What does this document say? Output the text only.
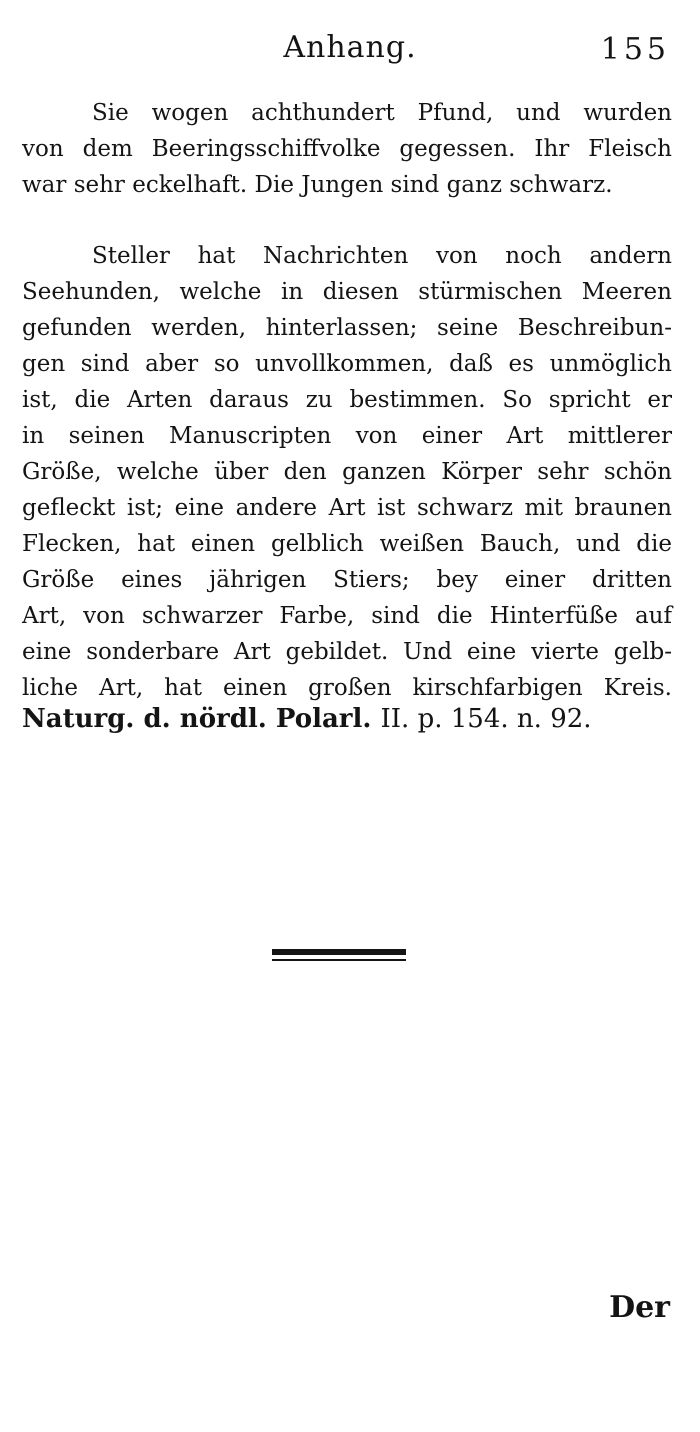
Anhang.	155
Sie wogen achthundert Pfund, und wurden
von dem Beeringsschiffvolke gegessen. Ihr Fleisch
war sehr eckelhaft. Die Jungen sind ganz schwarz.
Steller hat Nachrichten von noch andern
Seehunden, welche in diesen stürmischen Meeren
gefunden werden, hinterlassen; seine Beschreibun-
gen sind aber so unvollkommen, daß es unmöglich
ist, die Arten daraus zu bestimmen. So spricht er
in seinen Manuscripten von einer Art mittlerer
Größe, welche über den ganzen Körper sehr schön
gefleckt ist; eine andere Art ist schwarz mit braunen
Flecken, hat einen gelblich weißen Bauch, und die
Größe eines jährigen Stiers; bey einer dritten
Art, von schwarzer Farbe, sind die Hinterfüße auf
eine sonderbare Art gebildet. Und eine vierte gelb-
liche Art, hat einen großen kirschfarbigen Kreis.
Naturg. d. nördl. Polarl. II. p. 154. n. 92.
Der
